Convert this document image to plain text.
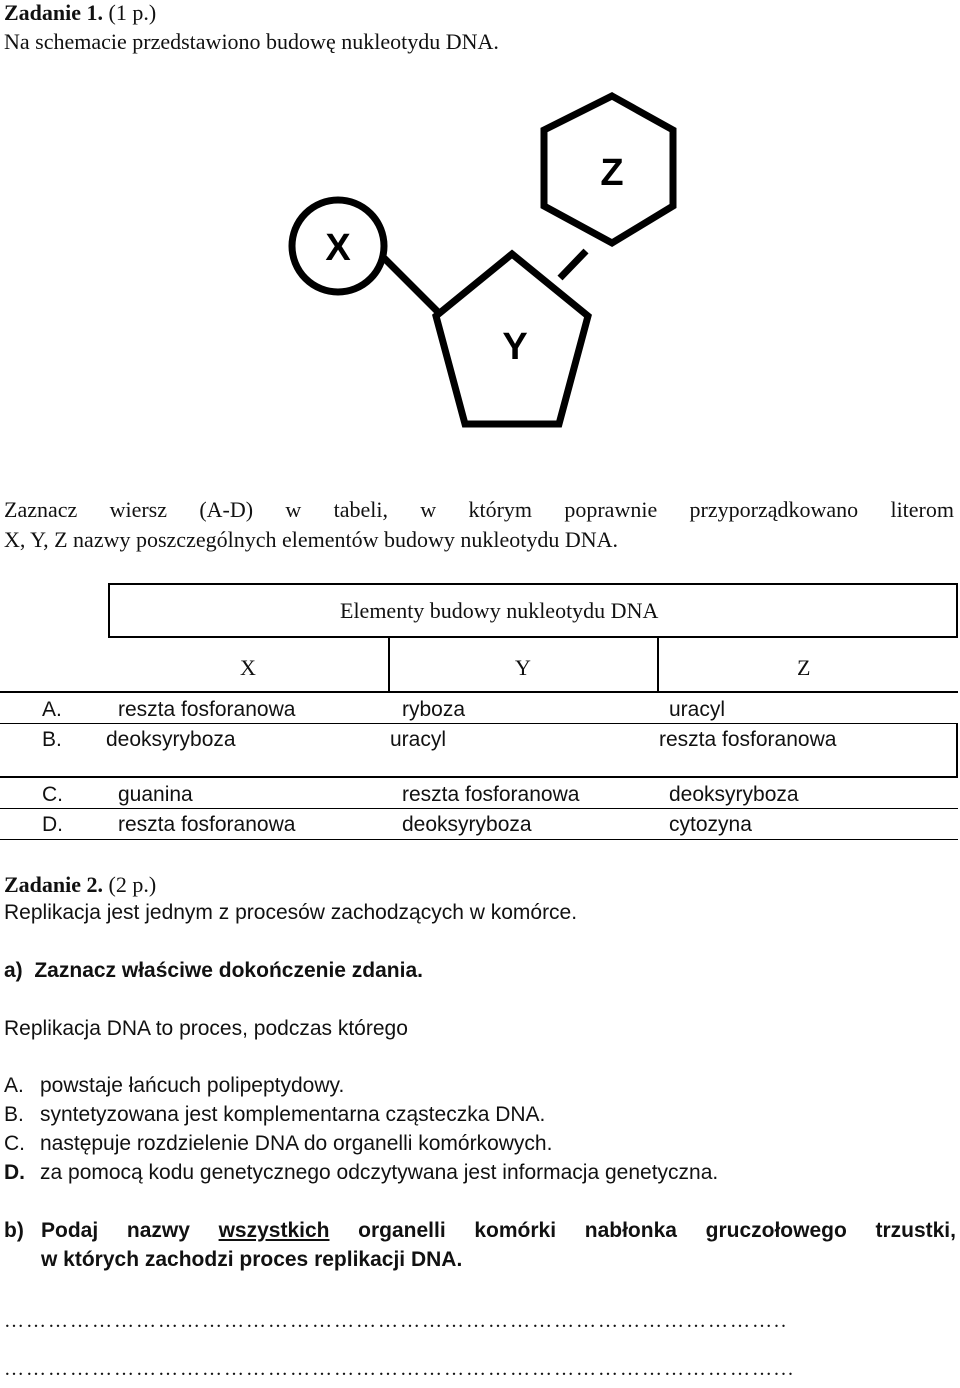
Zadanie 1. (1 p.)
Na schemacie przedstawiono budowę nukleotydu DNA.
X
Y
Z
Zaznacz wiersz (A-D) w tabeli, w którym poprawnie przyporządkowano literom
X, Y, Z nazwy poszczególnych elementów budowy nukleotydu DNA.
Elementy budowy nukleotydu DNA
X	Y	Z
A.	reszta fosforanowa	ryboza	uracyl
B. deoksyryboza	uracyl	reszta fosforanowa
C.	guanina	reszta fosforanowa	deoksyryboza
D.	reszta fosforanowa	deoksyryboza	cytozyna
Zadanie 2. (2 p.)
Replikacja jest jednym z procesów zachodzących w komórce.
a) Zaznacz właściwe dokończenie zdania.
Replikacja DNA to proces, podczas którego
A. powstaje łańcuch polipeptydowy.
B. syntetyzowana jest komplementarna cząsteczka DNA.
C. następuje rozdzielenie DNA do organelli komórkowych.
D. za pomocą kodu genetycznego odczytywana jest informacja genetyczna.
b) Podaj nazwy wszystkich organelli komórki nabłonka gruczołowego trzustki,
w których zachodzi proces replikacji DNA.
……………………………………………………………………………………………..
……………………………………………………………………………………………...
